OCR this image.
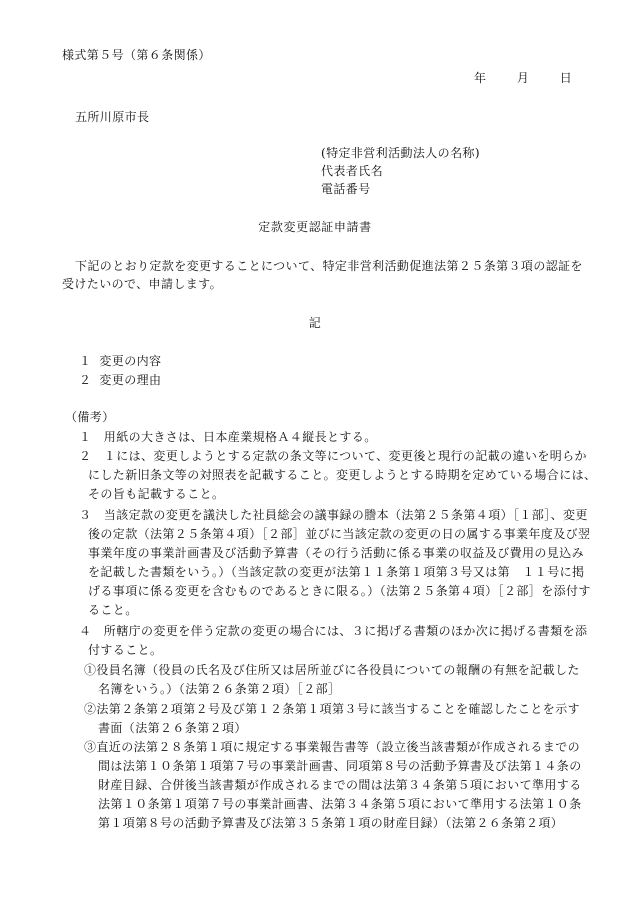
様式第５号（第６条関係）
年	月	日
五所川原市長
(特定非営利活動法人の名称)
代表者氏名
電話番号
定款変更認証申請書
下記のとおり定款を変更することについて、特定非営利活動促進法第２５条第３項の認証を
受けたいので、申請します。
記
１ 変更の内容
２ 変更の理由
（備考）
１　用紙の大きさは、日本産業規格Ａ４縦長とする。
２　１には、変更しようとする定款の条文等について、変更後と現行の記載の違いを明らか
にした新旧条文等の対照表を記載すること。変更しようとする時期を定めている場合には、
その旨も記載すること。
３　当該定款の変更を議決した社員総会の議事録の謄本（法第２５条第４項）［１部］、変更
後の定款（法第２５条第４項）［２部］並びに当該定款の変更の日の属する事業年度及び翌
事業年度の事業計画書及び活動予算書（その行う活動に係る事業の収益及び費用の見込み
を記載した書類をいう。）（当該定款の変更が法第１１条第１項第３号又は第　１１号に掲
げる事項に係る変更を含むものであるときに限る。）（法第２５条第４項）［２部］を添付す
ること。
４　所轄庁の変更を伴う定款の変更の場合には、３に掲げる書類のほか次に掲げる書類を添
付すること。
①役員名簿（役員の氏名及び住所又は居所並びに各役員についての報酬の有無を記載した
名簿をいう。）（法第２６条第２項）［２部］
②法第２条第２項第２号及び第１２条第１項第３号に該当することを確認したことを示す
書面（法第２６条第２項）
③直近の法第２８条第１項に規定する事業報告書等（設立後当該書類が作成されるまでの
間は法第１０条第１項第７号の事業計画書、同項第８号の活動予算書及び法第１４条の
財産目録、合併後当該書類が作成されるまでの間は法第３４条第５項において準用する
法第１０条第１項第７号の事業計画書、法第３４条第５項において準用する法第１０条
第１項第８号の活動予算書及び法第３５条第１項の財産目録）（法第２６条第２項）
